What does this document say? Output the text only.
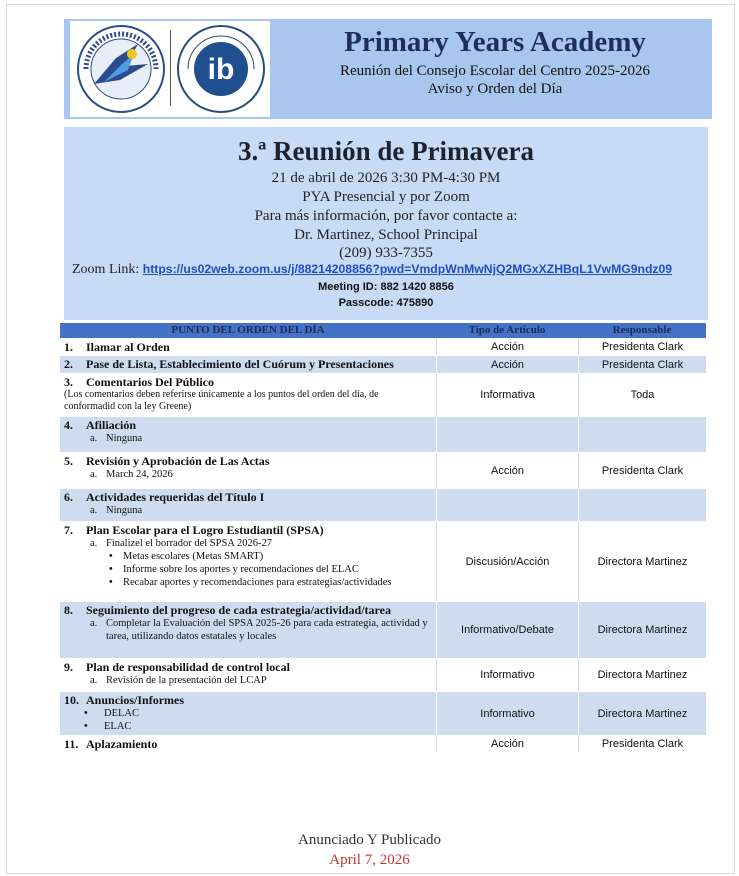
ib
Primary Years Academy
Reunión del Consejo Escolar del Centro 2025-2026
Aviso y Orden del Día
3.ª Reunión de Primavera
21 de abril de 2026 3:30 PM-4:30 PM
PYA Presencial y por Zoom
Para más información, por favor contacte a:
Dr. Martinez, School Principal
(209) 933-7355
Zoom Link: https://us02web.zoom.us/j/88214208856?pwd=VmdpWnMwNjQ2MGxXZHBqL1VwMG9ndz09
Meeting ID: 882 1420 8856
Passcode: 475890
PUNTO DEL ORDEN DEL DÍA	Tipo de Artículo	Responsable
1. Ilamar al Orden	Acción	Presidenta Clark
2. Pase de Lista, Establecimiento del Cuórum y Presentaciones	Acción	Presidenta Clark
3. Comentarios Del Público
(Los comentarios deben referirse únicamente a los puntos del orden del día, de conformadid con la ley Greene)
Informativa	Toda
4. Afiliación
a. Ninguna
5. Revisión y Aprobación de Las Actas
a. March 24, 2026	Acción	Presidenta Clark
6. Actividades requeridas del Título I
a. Ninguna
7. Plan Escolar para el Logro Estudiantil (SPSA)
a. Finalizel el borrador del SPSA 2026-27
• Metas escolares (Metas SMART)
• Informe sobre los aportes y recomendaciones del ELAC
• Recabar aportes y recomendaciones para estrategias/actividades
Discusión/Acción	Directora Martinez
8. Seguimiento del progreso de cada estrategia/actividad/tarea
a. Completar la Evaluación del SPSA 2025-26 para cada estrategia, actividad y tarea, utilizando datos estatales y locales
Informativo/Debate	Directora Martinez
9. Plan de responsabilidad de control local
a. Revisión de la presentación del LCAP	Informativo	Directora Martinez
10. Anuncios/Informes
• DELAC
• ELAC
Informativo	Directora Martinez
11. Aplazamiento	Acción	Presidenta Clark
Anunciado Y Publicado
April 7, 2026
